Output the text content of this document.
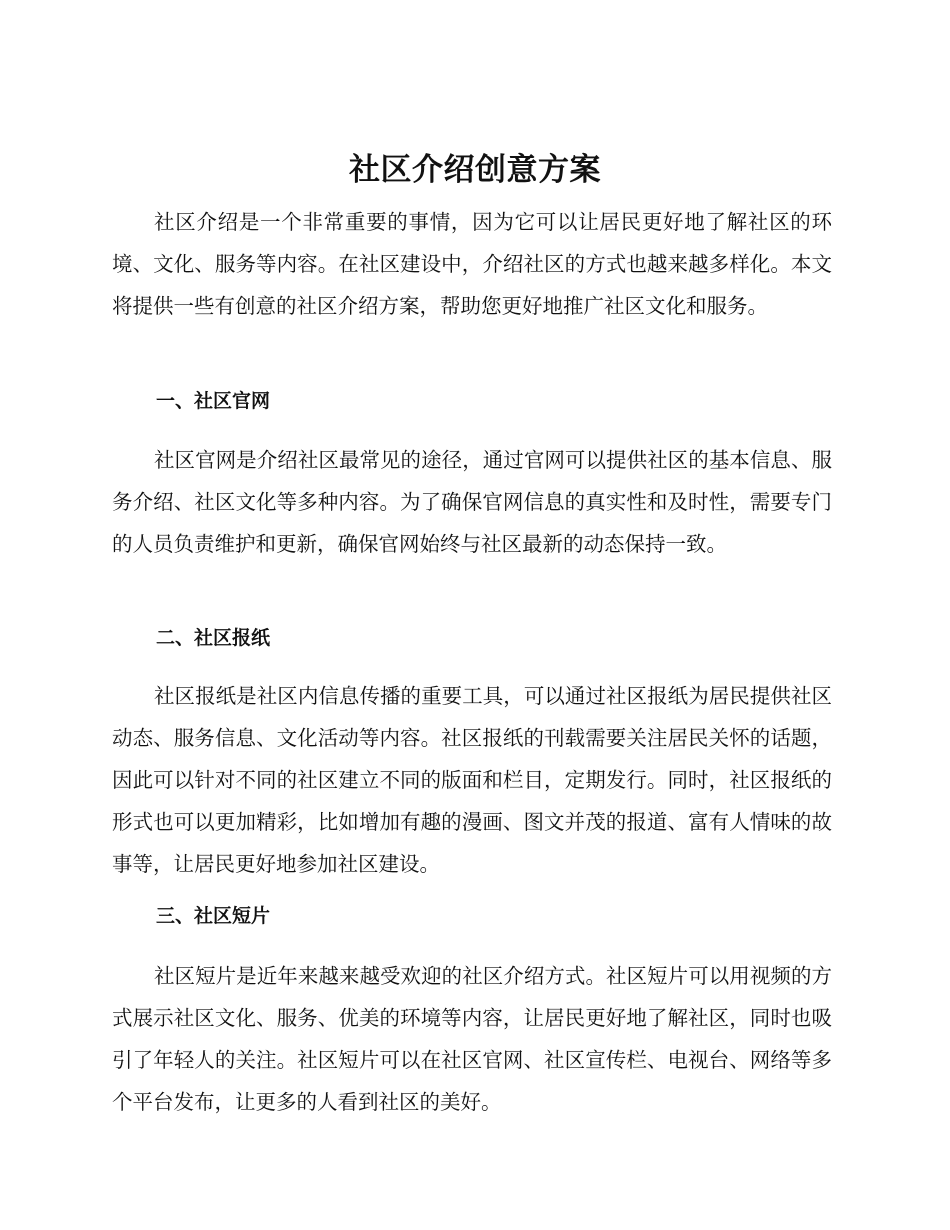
社区介绍创意方案

社区介绍是一个非常重要的事情，因为它可以让居民更好地了解社区的环境、文化、服务等内容。在社区建设中，介绍社区的方式也越来越多样化。本文将提供一些有创意的社区介绍方案，帮助您更好地推广社区文化和服务。

一、社区官网

社区官网是介绍社区最常见的途径，通过官网可以提供社区的基本信息、服务介绍、社区文化等多种内容。为了确保官网信息的真实性和及时性，需要专门的人员负责维护和更新，确保官网始终与社区最新的动态保持一致。

二、社区报纸

社区报纸是社区内信息传播的重要工具，可以通过社区报纸为居民提供社区动态、服务信息、文化活动等内容。社区报纸的刊载需要关注居民关怀的话题，因此可以针对不同的社区建立不同的版面和栏目，定期发行。同时，社区报纸的形式也可以更加精彩，比如增加有趣的漫画、图文并茂的报道、富有人情味的故事等，让居民更好地参加社区建设。

三、社区短片

社区短片是近年来越来越受欢迎的社区介绍方式。社区短片可以用视频的方式展示社区文化、服务、优美的环境等内容，让居民更好地了解社区，同时也吸引了年轻人的关注。社区短片可以在社区官网、社区宣传栏、电视台、网络等多个平台发布，让更多的人看到社区的美好。
